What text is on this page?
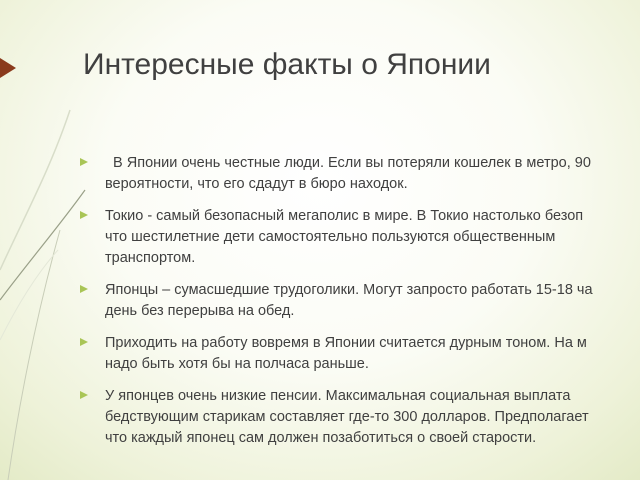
Интересные факты о Японии
В Японии очень честные люди. Если вы потеряли кошелек в метро, 90
вероятности, что его сдадут в бюро находок.
Токио - самый безопасный мегаполис в мире. В Токио настолько безоп
что шестилетние дети самостоятельно пользуются общественным
транспортом.
Японцы – сумасшедшие трудоголики. Могут запросто работать 15-18 ча
день без перерыва на обед.
Приходить на работу вовремя в Японии считается дурным тоном. На м
надо быть хотя бы на полчаса раньше.
У японцев очень низкие пенсии. Максимальная социальная выплата
бедствующим старикам составляет где-то 300 долларов. Предполагает
что каждый японец сам должен позаботиться о своей старости.
